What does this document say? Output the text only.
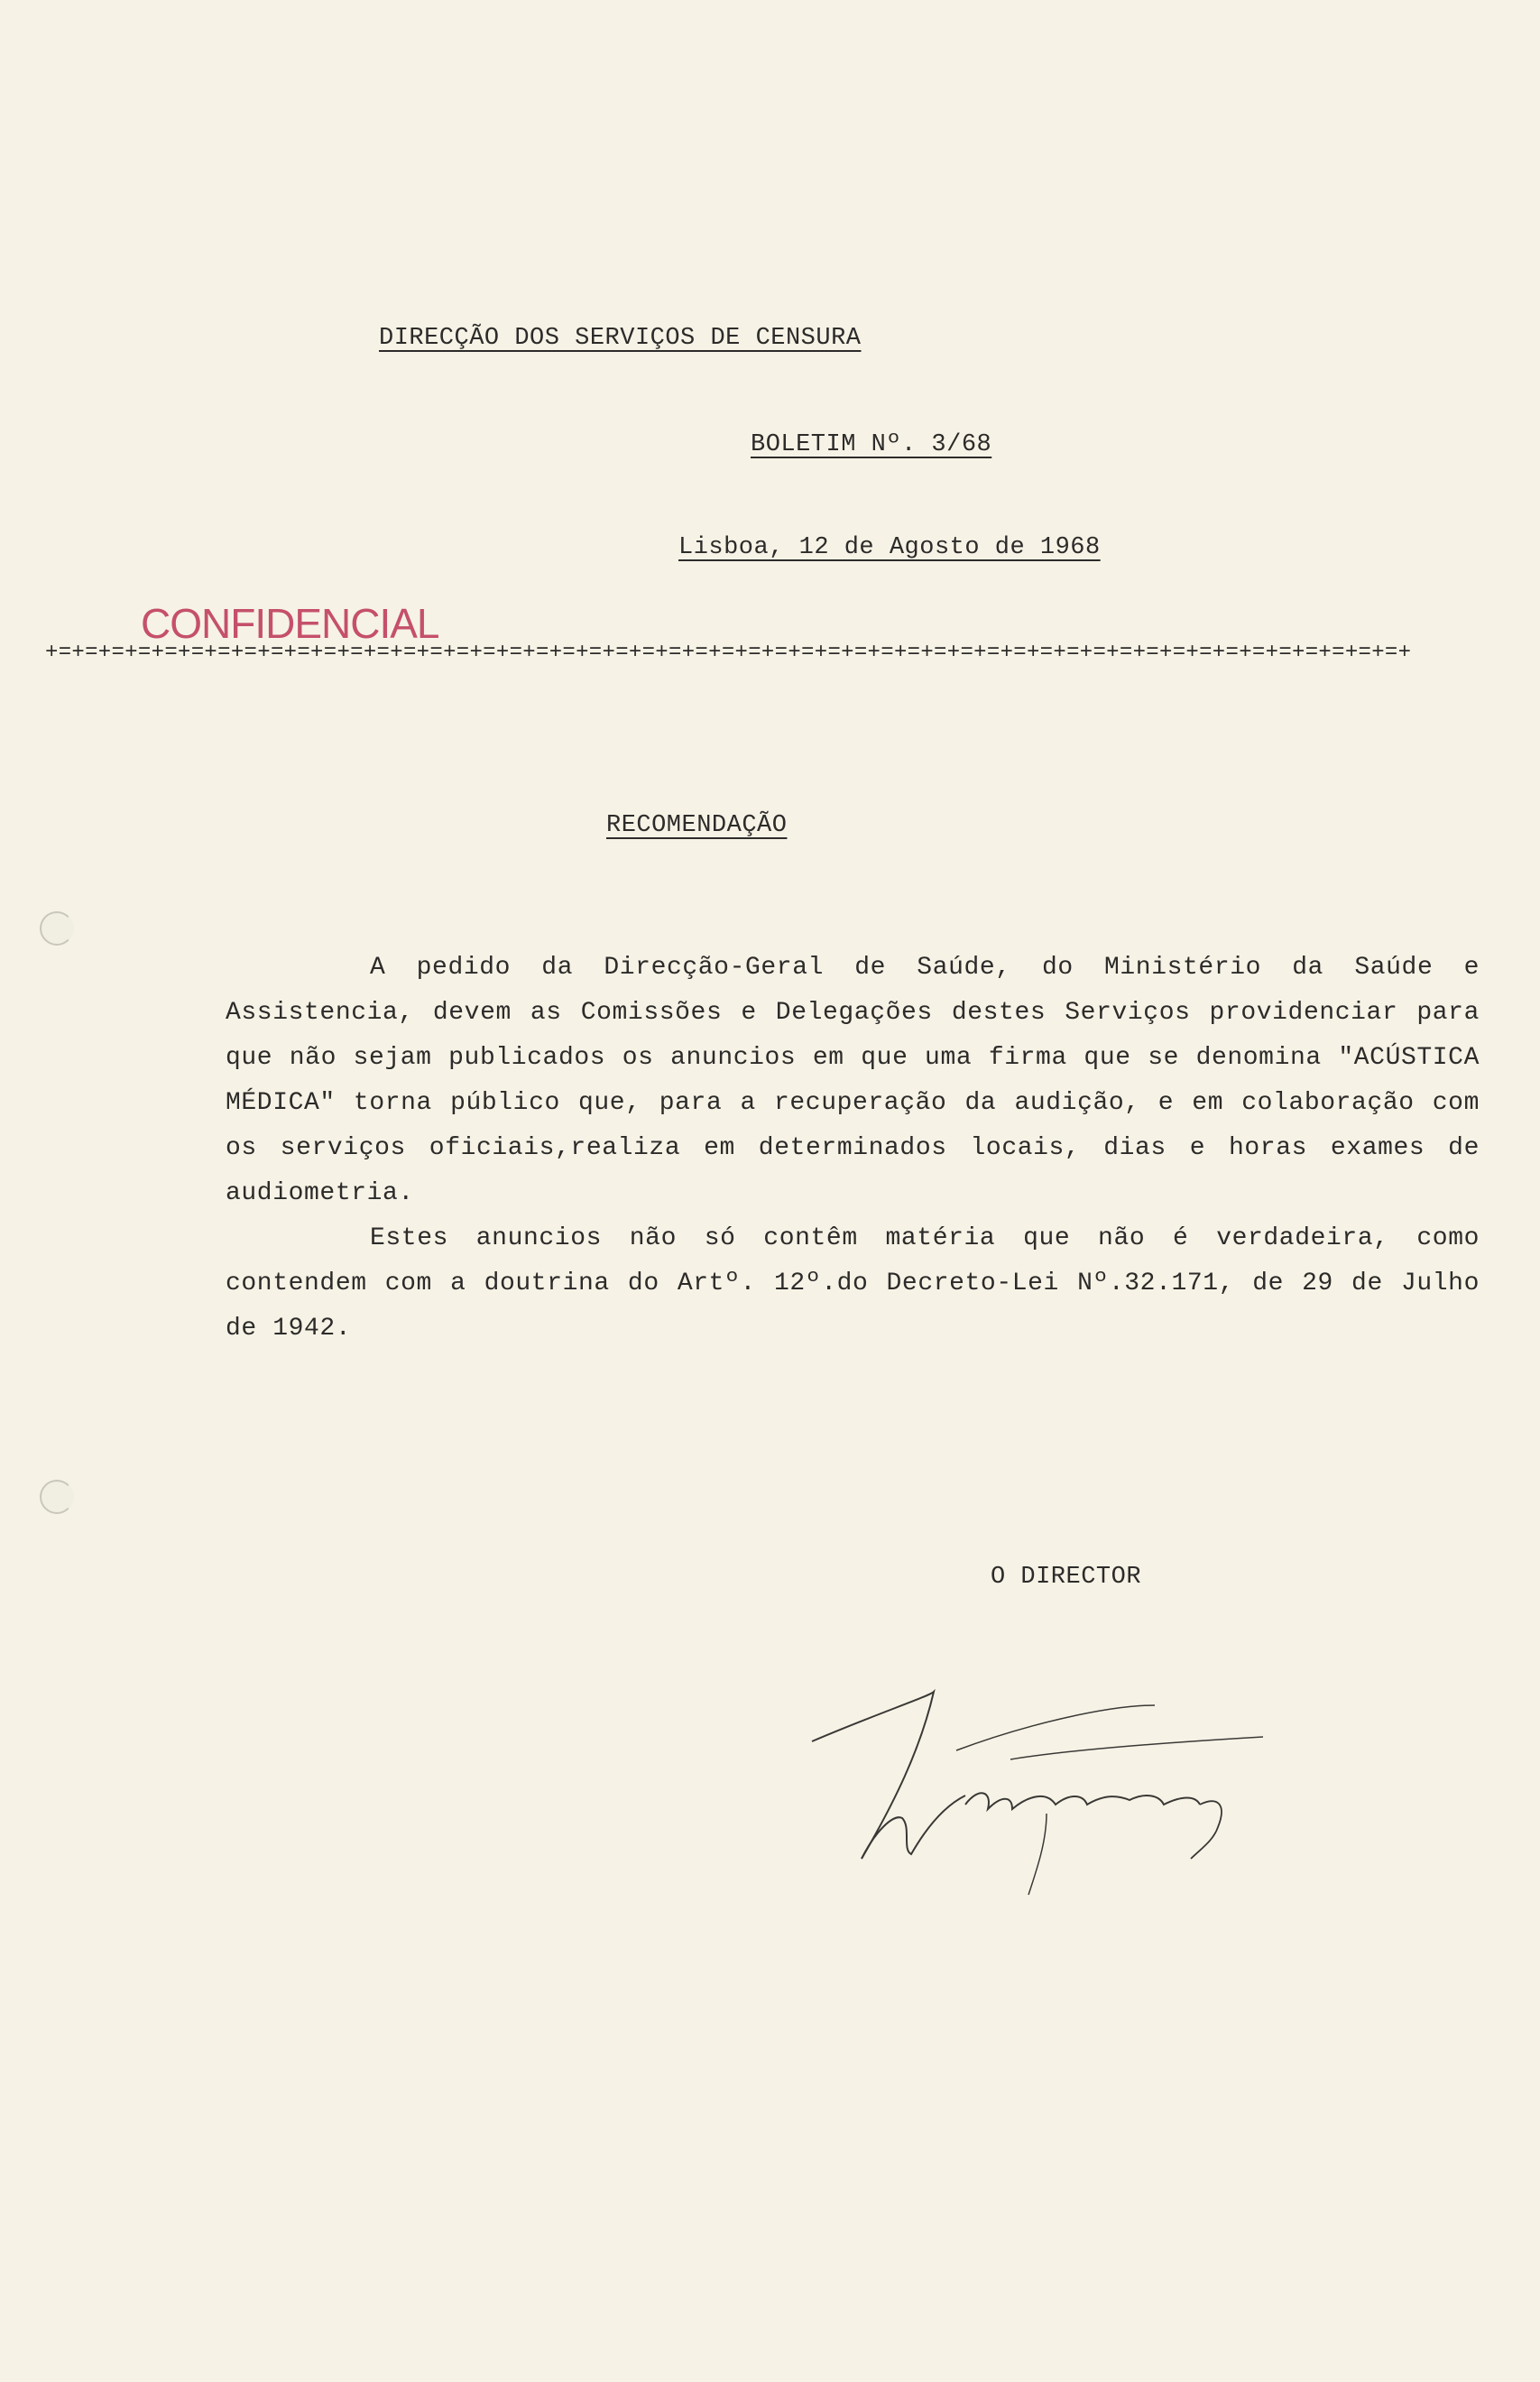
DIRECÇÃO DOS SERVIÇOS DE CENSURA
BOLETIM Nº. 3/68
Lisboa, 12 de Agosto de 1968
CONFIDENCIAL
+=+=+=+=+=+=+=+=+=+=+=+=+=+=+=+=+=+=+=+=+=+=+=+=+=+=+=+=+=+=+=+=+=+=+=+=+=+=+=+=+=+=+=+=+=+=+=+=+=+=+=+
RECOMENDAÇÃO

A pedido da Direcção-Geral de Saúde, do Ministério da Saúde e Assistencia, devem as Comissões e Delegações destes Serviços providenciar para que não sejam publicados os anuncios em que uma firma que se denomina "ACÚSTICA MÉDICA" torna público que, para a recuperação da audição, e em colaboração com os serviços oficiais,realiza em determinados locais, dias e horas exames de audiometria.

Estes anuncios não só contêm matéria que não é verdadeira, como contendem com a doutrina do Artº. 12º.do Decreto-Lei Nº.32.171, de 29 de Julho de 1942.

O DIRECTOR
